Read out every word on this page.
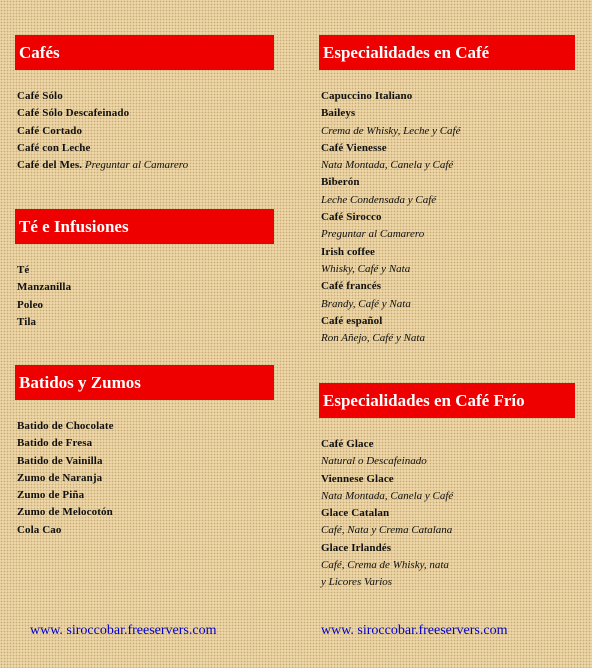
Cafés
Café Sólo
Café Sólo Descafeinado
Café Cortado
Café con Leche
Café del Mes. Preguntar al Camarero
Té e Infusiones
Té
Manzanilla
Poleo
Tila
Batidos y Zumos
Batido de Chocolate
Batido de Fresa
Batido de Vainilla
Zumo de Naranja
Zumo de Piña
Zumo de Melocotón
Cola Cao
Especialidades en Café
Capuccino Italiano
Baileys
Crema de Whisky, Leche y Café
Café Vienesse
Nata Montada, Canela y Café
Biberón
Leche Condensada y Café
Café Sirocco
Preguntar al Camarero
Irish coffee
Whisky, Café y Nata
Café francés
Brandy, Café y Nata
Café español
Ron Añejo, Café y Nata
Especialidades en Café Frío
Café Glace
Natural o Descafeinado
Viennese Glace
Nata Montada, Canela y Café
Glace Catalan
Café, Nata y Crema Catalana
Glace Irlandés
Café, Crema de Whisky, nata
y Licores Varios
www. siroccobar.freeservers.com	www. siroccobar.freeservers.com
